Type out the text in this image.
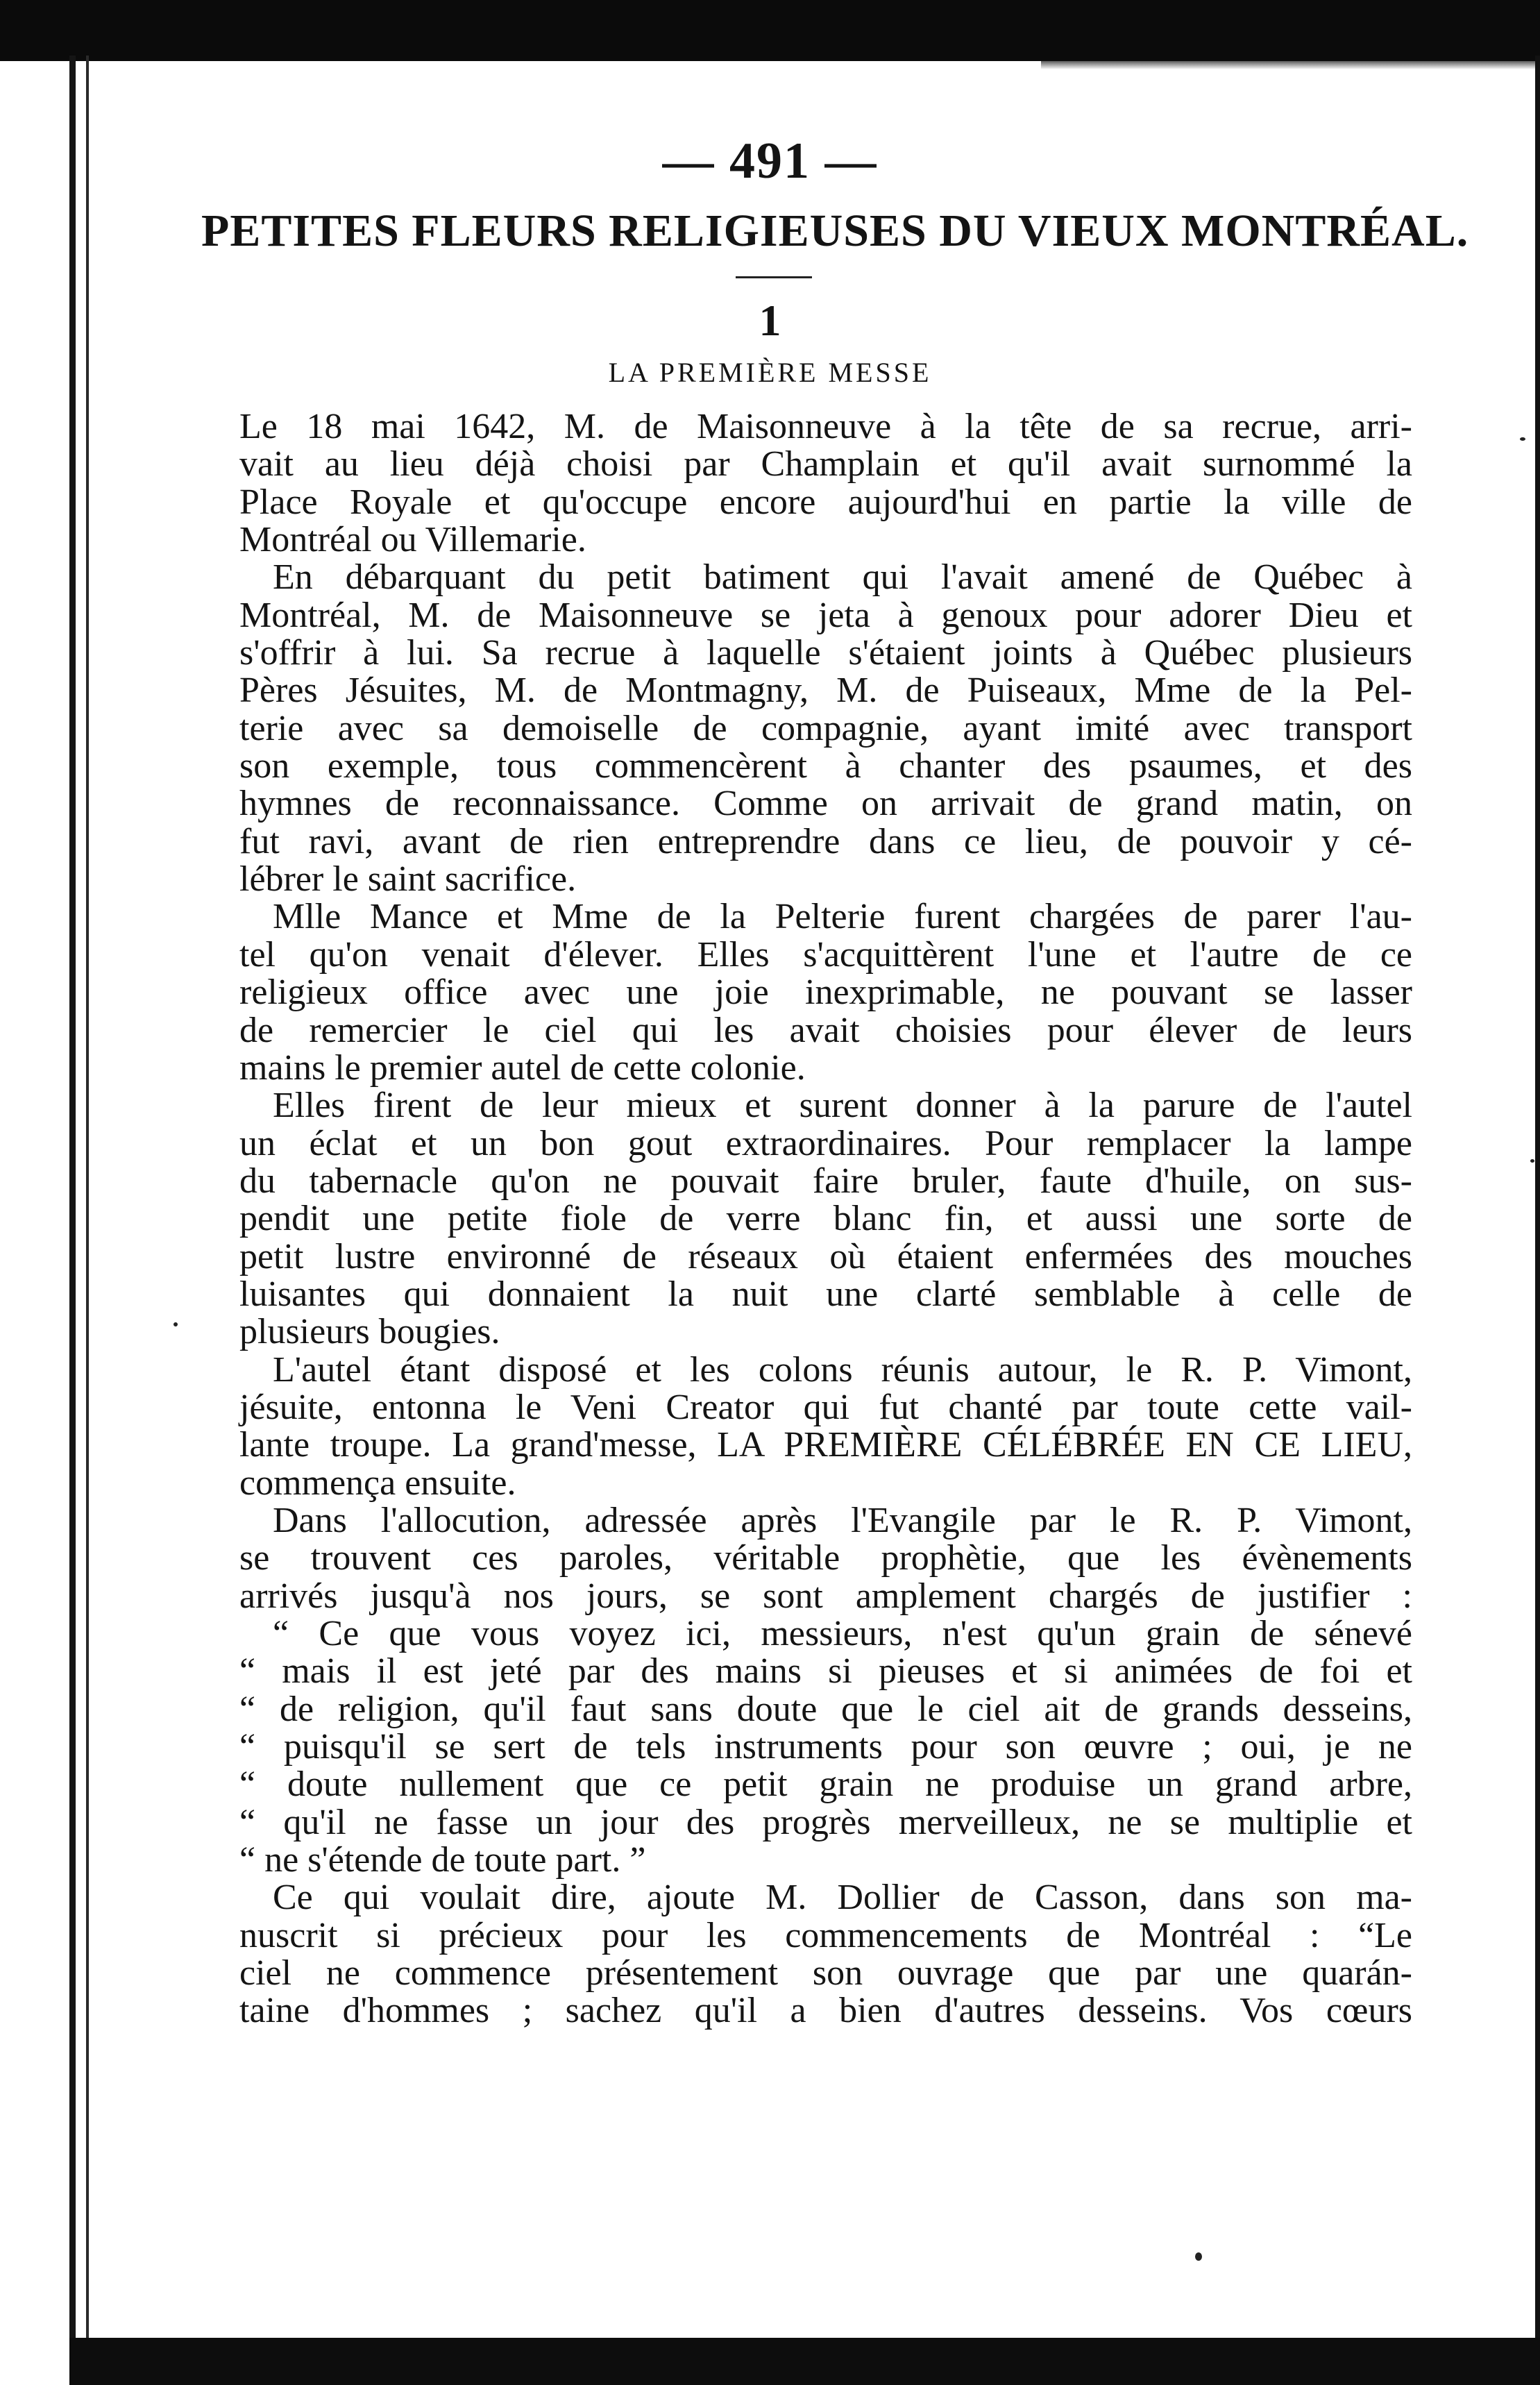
— 491 —
PETITES FLEURS RELIGIEUSES DU VIEUX MONTRÉAL.
1
LA PREMIÈRE MESSE
Le 18 mai 1642, M. de Maisonneuve à la tête de sa recrue, arri-
vait au lieu déjà choisi par Champlain et qu'il avait surnommé la
Place Royale et qu'occupe encore aujourd'hui en partie la ville de
Montréal ou Villemarie.
En débarquant du petit batiment qui l'avait amené de Québec à
Montréal, M. de Maisonneuve se jeta à genoux pour adorer Dieu et
s'offrir à lui. Sa recrue à laquelle s'étaient joints à Québec plusieurs
Pères Jésuites, M. de Montmagny, M. de Puiseaux, Mme de la Pel-
terie avec sa demoiselle de compagnie, ayant imité avec transport
son exemple, tous commencèrent à chanter des psaumes, et des
hymnes de reconnaissance. Comme on arrivait de grand matin, on
fut ravi, avant de rien entreprendre dans ce lieu, de pouvoir y cé-
lébrer le saint sacrifice.
Mlle Mance et Mme de la Pelterie furent chargées de parer l'au-
tel qu'on venait d'élever. Elles s'acquittèrent l'une et l'autre de ce
religieux office avec une joie inexprimable, ne pouvant se lasser
de remercier le ciel qui les avait choisies pour élever de leurs
mains le premier autel de cette colonie.
Elles firent de leur mieux et surent donner à la parure de l'autel
un éclat et un bon gout extraordinaires. Pour remplacer la lampe
du tabernacle qu'on ne pouvait faire bruler, faute d'huile, on sus-
pendit une petite fiole de verre blanc fin, et aussi une sorte de
petit lustre environné de réseaux où étaient enfermées des mouches
luisantes qui donnaient la nuit une clarté semblable à celle de
plusieurs bougies.
L'autel étant disposé et les colons réunis autour, le R. P. Vimont,
jésuite, entonna le Veni Creator qui fut chanté par toute cette vail-
lante troupe. La grand'messe, LA PREMIÈRE CÉLÉBRÉE EN CE LIEU,
commença ensuite.
Dans l'allocution, adressée après l'Evangile par le R. P. Vimont,
se trouvent ces paroles, véritable prophètie, que les évènements
arrivés jusqu'à nos jours, se sont amplement chargés de justifier :
“ Ce que vous voyez ici, messieurs, n'est qu'un grain de sénevé
“ mais il est jeté par des mains si pieuses et si animées de foi et
“ de religion, qu'il faut sans doute que le ciel ait de grands desseins,
“ puisqu'il se sert de tels instruments pour son œuvre ; oui, je ne
“ doute nullement que ce petit grain ne produise un grand arbre,
“ qu'il ne fasse un jour des progrès merveilleux, ne se multiplie et
“ ne s'étende de toute part. ”
Ce qui voulait dire, ajoute M. Dollier de Casson, dans son ma-
nuscrit si précieux pour les commencements de Montréal : “Le
ciel ne commence présentement son ouvrage que par une quarán-
taine d'hommes ; sachez qu'il a bien d'autres desseins. Vos cœurs
